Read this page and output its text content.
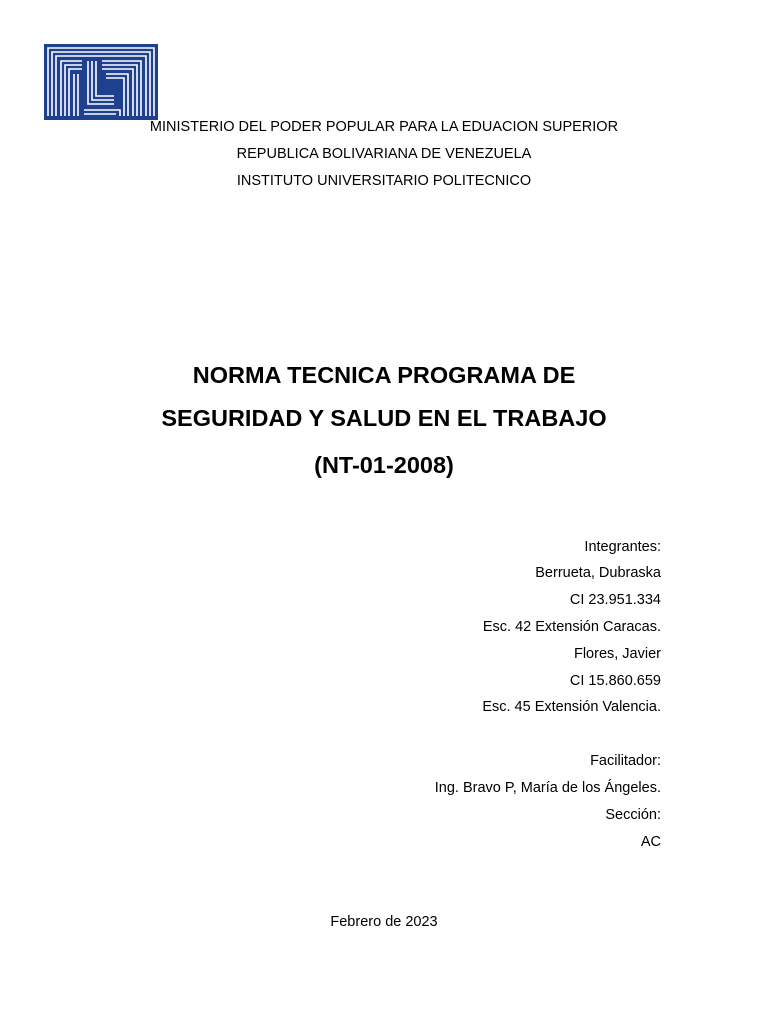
MINISTERIO DEL PODER POPULAR PARA LA EDUACION SUPERIOR
REPUBLICA BOLIVARIANA DE VENEZUELA
INSTITUTO UNIVERSITARIO POLITECNICO
NORMA TECNICA PROGRAMA DE
SEGURIDAD Y SALUD EN EL TRABAJO
(NT-01-2008)
Integrantes:
Berrueta, Dubraska
CI 23.951.334
Esc. 42 Extensión Caracas.
Flores, Javier
CI 15.860.659
Esc. 45 Extensión Valencia.
Facilitador:
Ing. Bravo P, María de los Ángeles.
Sección:
AC
Febrero de 2023
